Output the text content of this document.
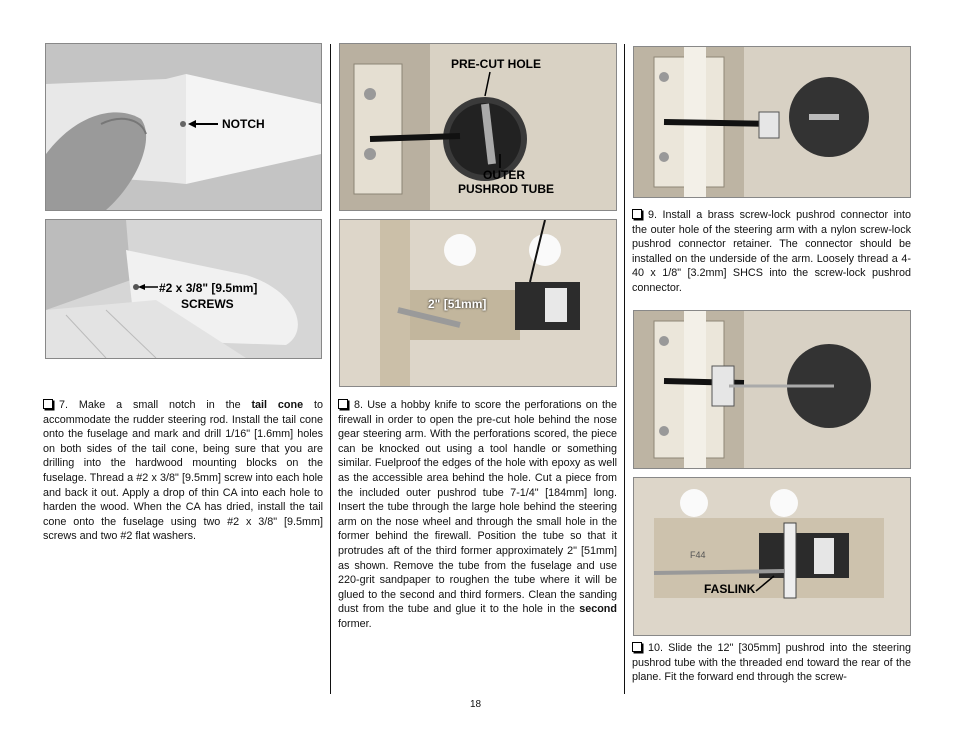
NOTCH
#2 x 3/8" [9.5mm]
SCREWS
7. Make a small notch in the tail cone to accommodate the rudder steering rod. Install the tail cone onto the fuselage and mark and drill 1/16" [1.6mm] holes on both sides of the tail cone, being sure that you are drilling into the hardwood mounting blocks on the fuselage. Thread a #2 x 3/8" [9.5mm] screw into each hole and back it out. Apply a drop of thin CA into each hole to harden the wood. When the CA has dried, install the tail cone onto the fuselage using two #2 x 3/8" [9.5mm] screws and two #2 flat washers.
PRE-CUT HOLE
OUTER
PUSHROD TUBE
2" [51mm]
8. Use a hobby knife to score the perforations on the firewall in order to open the pre-cut hole behind the nose gear steering arm. With the perforations scored, the piece can be knocked out using a tool handle or something similar. Fuelproof the edges of the hole with epoxy as well as the accessible area behind the hole. Cut a piece from the included outer pushrod tube 7-1/4" [184mm] long. Insert the tube through the large hole behind the steering arm on the nose wheel and through the small hole in the former behind the firewall. Position the tube so that it protrudes aft of the third former approximately 2" [51mm] as shown. Remove the tube from the fuselage and use 220-grit sandpaper to roughen the tube where it will be glued to the second and third formers. Clean the sanding dust from the tube and glue it to the hole in the second former.
9. Install a brass screw-lock pushrod connector into the outer hole of the steering arm with a nylon screw-lock pushrod connector retainer. The connector should be installed on the underside of the arm. Loosely thread a 4-40 x 1/8" [3.2mm] SHCS into the screw-lock pushrod connector.
F44
FASLINK
10. Slide the 12" [305mm] pushrod into the steering pushrod tube with the threaded end toward the rear of the plane. Fit the forward end through the screw-
18
